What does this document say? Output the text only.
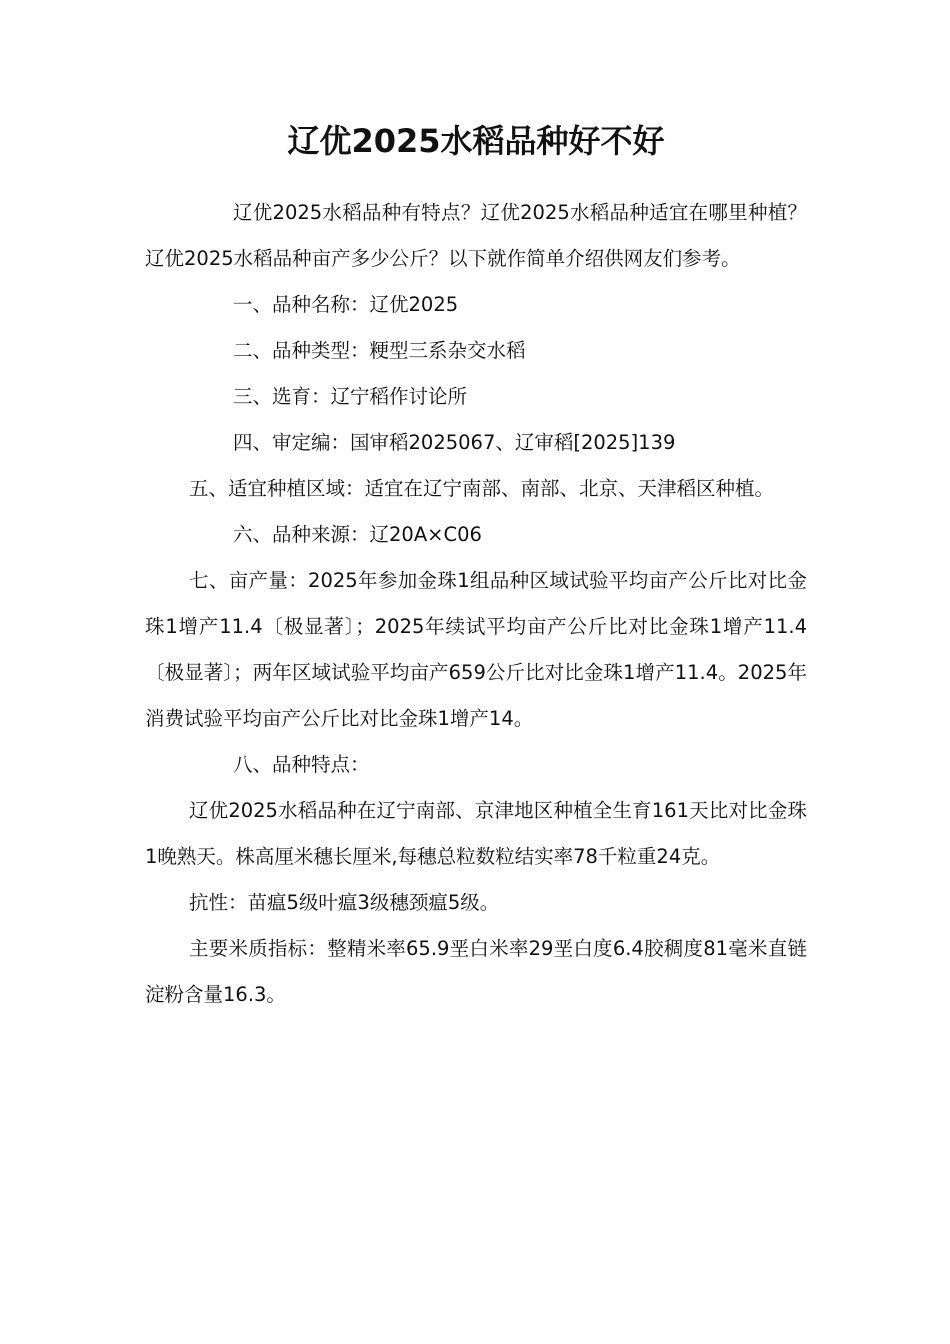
辽优2025水稻品种好不好

辽优2025水稻品种有特点？辽优2025水稻品种适宜在哪里种植？辽优2025水稻品种亩产多少公斤？以下就作简单介绍供网友们参考。

一、品种名称：辽优2025

二、品种类型：粳型三系杂交水稻

三、选育：辽宁稻作讨论所

四、审定编：国审稻2025067、辽审稻[2025]139

五、适宜种植区域：适宜在辽宁南部、南部、北京、天津稻区种植。

六、品种来源：辽20A×C06

七、亩产量：2025年参加金珠1组品种区域试验平均亩产公斤比对比金珠1增产11.4〔极显著〕；2025年续试平均亩产公斤比对比金珠1增产11.4〔极显著〕；两年区域试验平均亩产659公斤比对比金珠1增产11.4。2025年消费试验平均亩产公斤比对比金珠1增产14。

八、品种特点：

辽优2025水稻品种在辽宁南部、京津地区种植全生育161天比对比金珠1晚熟天。株高厘米穗长厘米,每穗总粒数粒结实率78千粒重24克。

抗性：苗瘟5级叶瘟3级穗颈瘟5级。

主要米质指标：整精米率65.9垩白米率29垩白度6.4胶稠度81毫米直链淀粉含量16.3。
